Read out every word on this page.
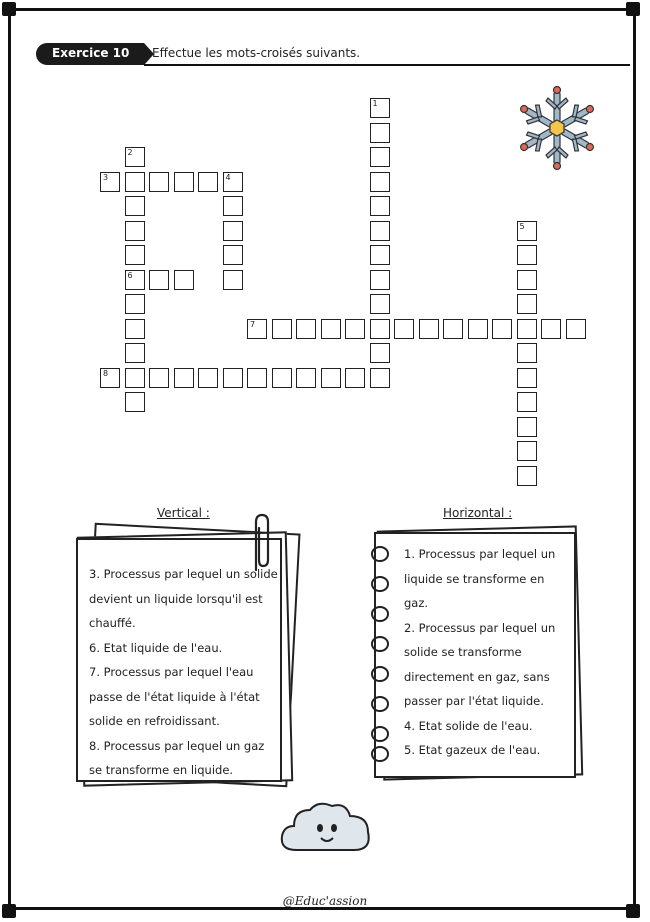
Exercice 10 Effectue les mots-croisés suivants.
1
2
6
3	4
5
7
8
Vertical :

3. Processus par lequel un solide devient un liquide lorsqu'il est chauffé.

6. Etat liquide de l'eau.

7. Processus par lequel l'eau passe de l'état liquide à l'état solide en refroidissant.

8. Processus par lequel un gaz se transforme en liquide.

Horizontal :

1. Processus par lequel un liquide se transforme en gaz.

2. Processus par lequel un solide se transforme directement en gaz, sans passer par l'état liquide.

4. Etat solide de l'eau.

5. Etat gazeux de l'eau.

@Educ'assion
